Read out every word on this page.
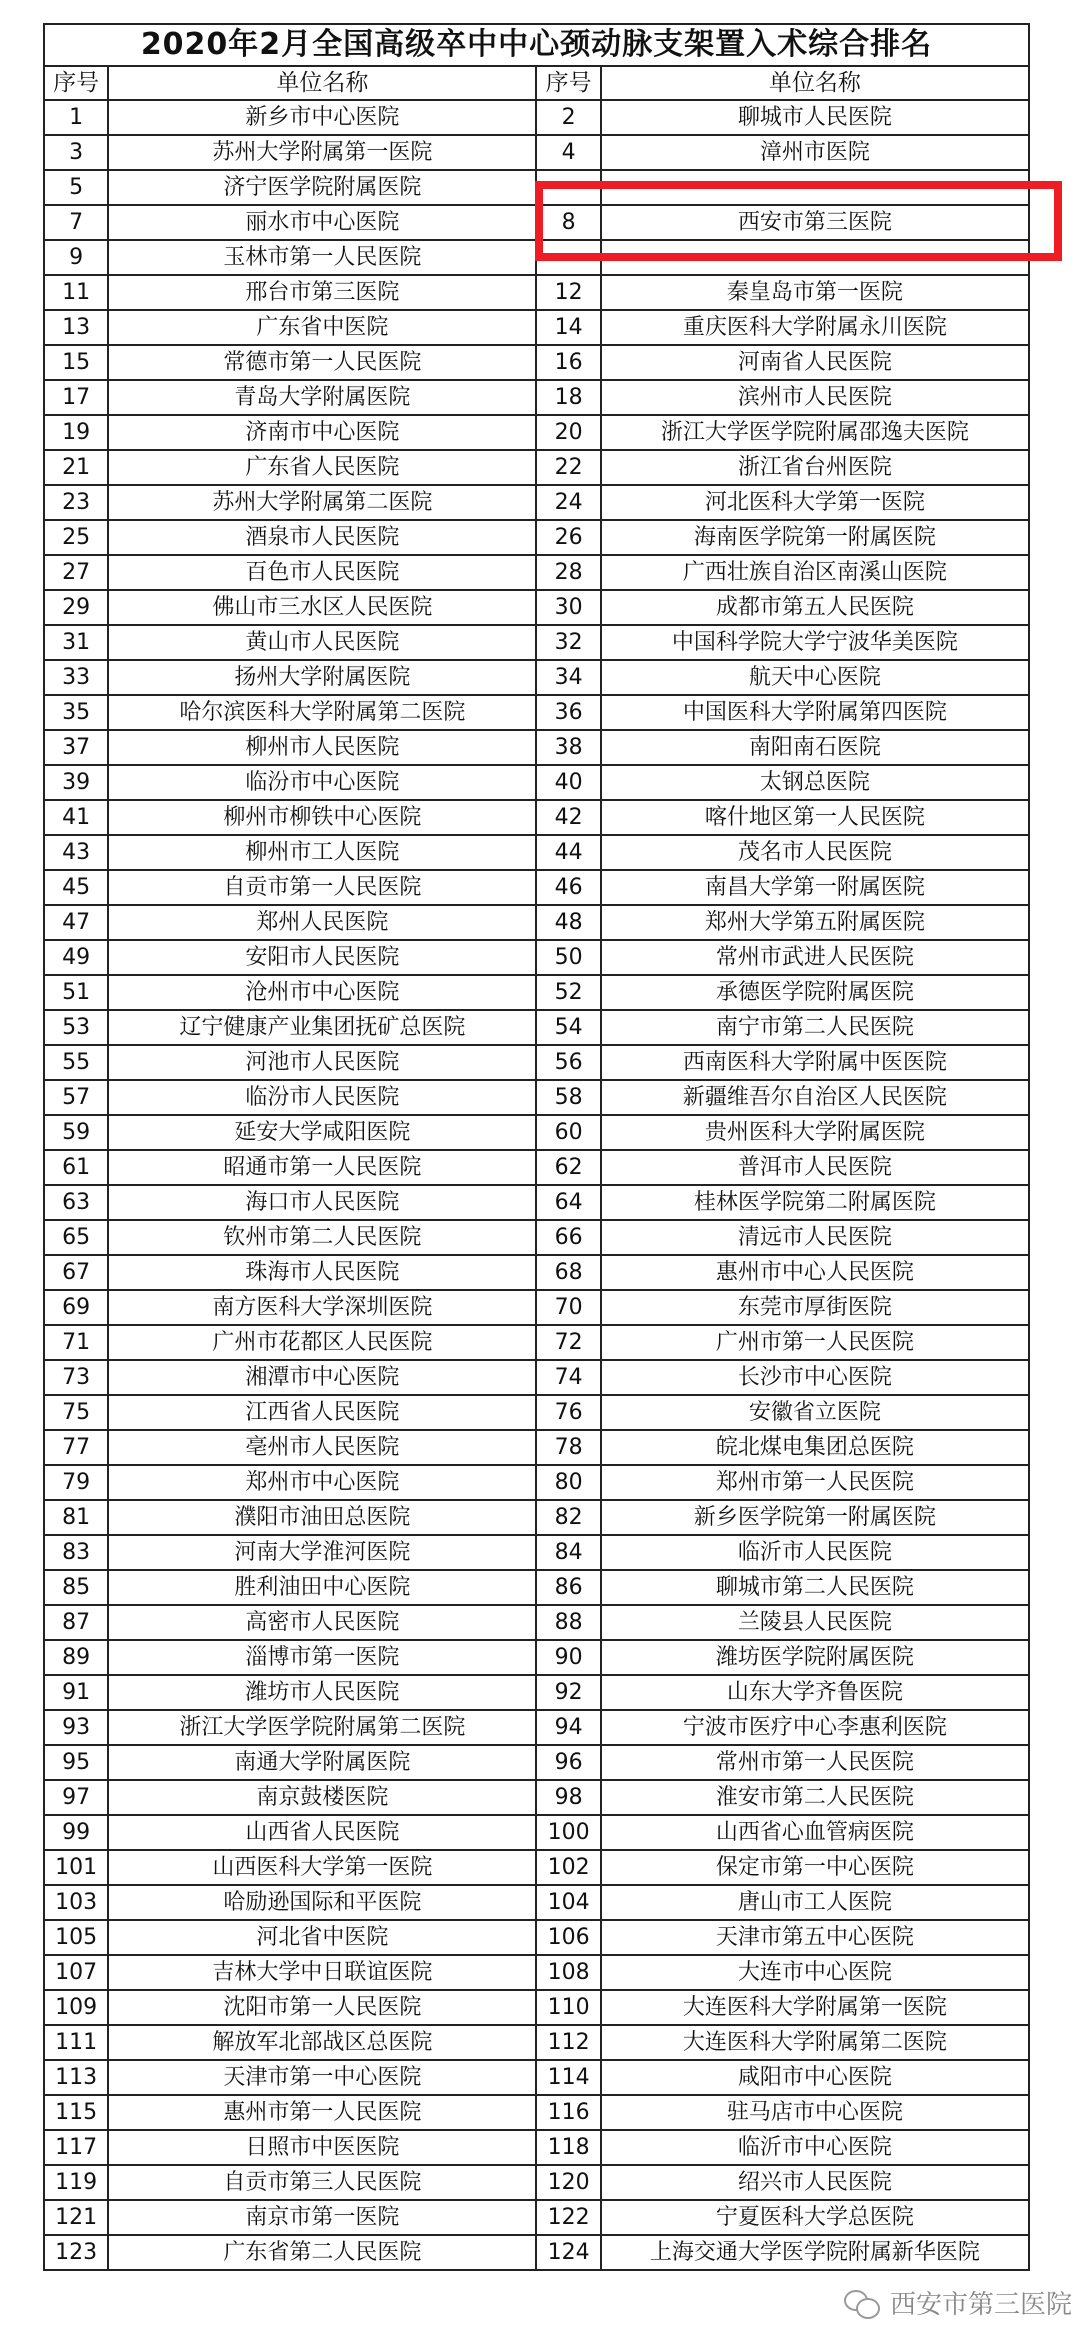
2020年2月全国高级卒中中心颈动脉支架置入术综合排名			
序号	单位名称	序号	单位名称
1	新乡市中心医院	2	聊城市人民医院
3	苏州大学附属第一医院	4	漳州市医院
5	济宁医学院附属医院		
7	丽水市中心医院	8	西安市第三医院
9	玉林市第一人民医院		
11	邢台市第三医院	12	秦皇岛市第一医院
13	广东省中医院	14	重庆医科大学附属永川医院
15	常德市第一人民医院	16	河南省人民医院
17	青岛大学附属医院	18	滨州市人民医院
19	济南市中心医院	20	浙江大学医学院附属邵逸夫医院
21	广东省人民医院	22	浙江省台州医院
23	苏州大学附属第二医院	24	河北医科大学第一医院
25	酒泉市人民医院	26	海南医学院第一附属医院
27	百色市人民医院	28	广西壮族自治区南溪山医院
29	佛山市三水区人民医院	30	成都市第五人民医院
31	黄山市人民医院	32	中国科学院大学宁波华美医院
33	扬州大学附属医院	34	航天中心医院
35	哈尔滨医科大学附属第二医院	36	中国医科大学附属第四医院
37	柳州市人民医院	38	南阳南石医院
39	临汾市中心医院	40	太钢总医院
41	柳州市柳铁中心医院	42	喀什地区第一人民医院
43	柳州市工人医院	44	茂名市人民医院
45	自贡市第一人民医院	46	南昌大学第一附属医院
47	郑州人民医院	48	郑州大学第五附属医院
49	安阳市人民医院	50	常州市武进人民医院
51	沧州市中心医院	52	承德医学院附属医院
53	辽宁健康产业集团抚矿总医院	54	南宁市第二人民医院
55	河池市人民医院	56	西南医科大学附属中医医院
57	临汾市人民医院	58	新疆维吾尔自治区人民医院
59	延安大学咸阳医院	60	贵州医科大学附属医院
61	昭通市第一人民医院	62	普洱市人民医院
63	海口市人民医院	64	桂林医学院第二附属医院
65	钦州市第二人民医院	66	清远市人民医院
67	珠海市人民医院	68	惠州市中心人民医院
69	南方医科大学深圳医院	70	东莞市厚街医院
71	广州市花都区人民医院	72	广州市第一人民医院
73	湘潭市中心医院	74	长沙市中心医院
75	江西省人民医院	76	安徽省立医院
77	亳州市人民医院	78	皖北煤电集团总医院
79	郑州市中心医院	80	郑州市第一人民医院
81	濮阳市油田总医院	82	新乡医学院第一附属医院
83	河南大学淮河医院	84	临沂市人民医院
85	胜利油田中心医院	86	聊城市第二人民医院
87	高密市人民医院	88	兰陵县人民医院
89	淄博市第一医院	90	潍坊医学院附属医院
91	潍坊市人民医院	92	山东大学齐鲁医院
93	浙江大学医学院附属第二医院	94	宁波市医疗中心李惠利医院
95	南通大学附属医院	96	常州市第一人民医院
97	南京鼓楼医院	98	淮安市第二人民医院
99	山西省人民医院	100	山西省心血管病医院
101	山西医科大学第一医院	102	保定市第一中心医院
103	哈励逊国际和平医院	104	唐山市工人医院
105	河北省中医院	106	天津市第五中心医院
107	吉林大学中日联谊医院	108	大连市中心医院
109	沈阳市第一人民医院	110	大连医科大学附属第一医院
111	解放军北部战区总医院	112	大连医科大学附属第二医院
113	天津市第一中心医院	114	咸阳市中心医院
115	惠州市第一人民医院	116	驻马店市中心医院
117	日照市中医医院	118	临沂市中心医院
119	自贡市第三人民医院	120	绍兴市人民医院
121	南京市第一医院	122	宁夏医科大学总医院
123	广东省第二人民医院	124	上海交通大学医学院附属新华医院
西安市第三医院
